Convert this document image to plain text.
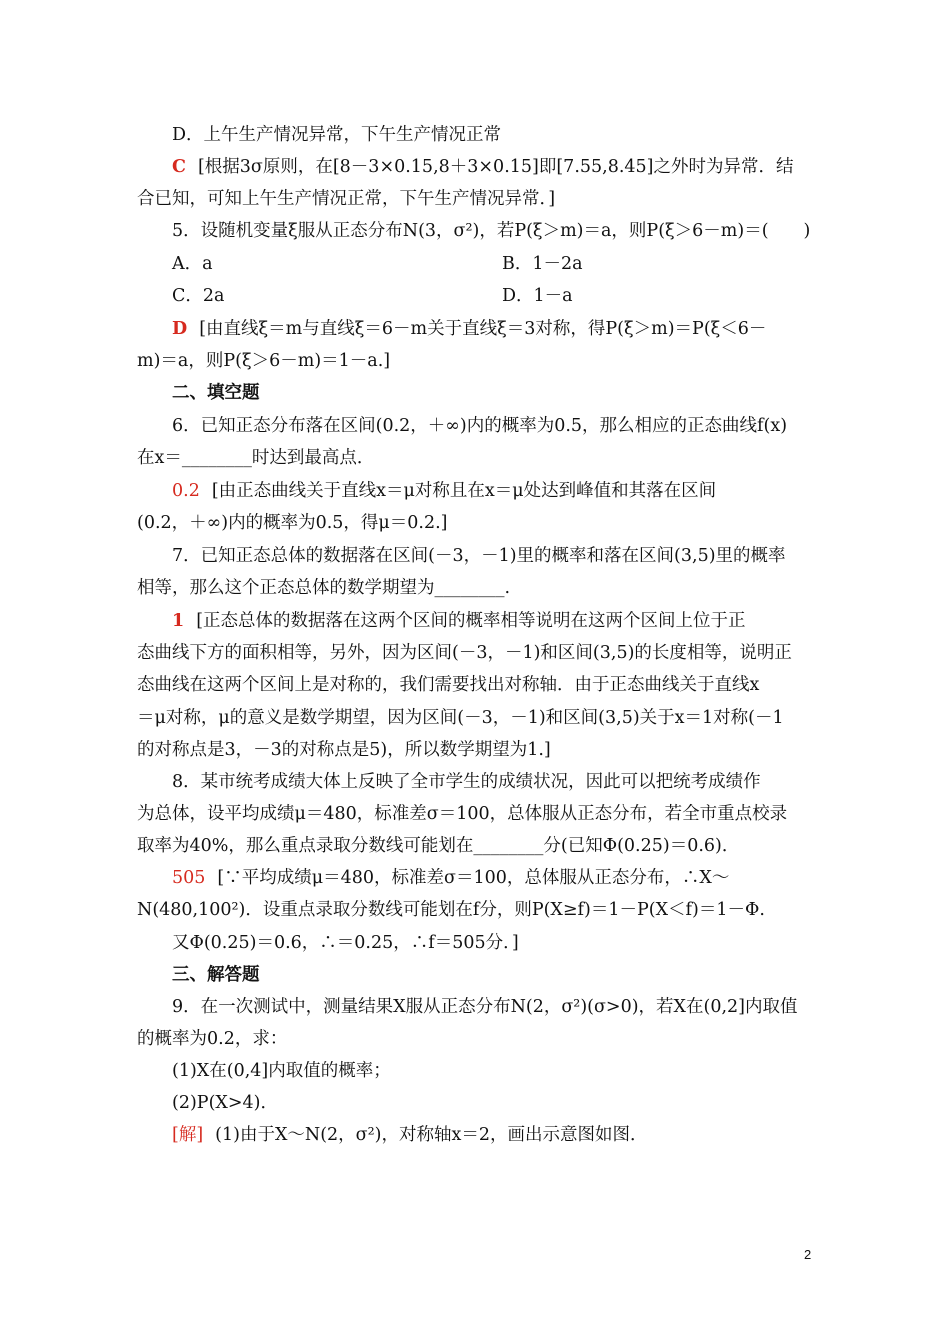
D．上午生产情况异常，下午生产情况正常
C [根据3σ原则，在[8－3×0.15,8＋3×0.15]即[7.55,8.45]之外时为异常．结
合已知，可知上午生产情况正常，下午生产情况异常．]
5．设随机变量ξ服从正态分布N(3，σ²)，若P(ξ＞m)＝a，则P(ξ＞6－m)＝(　　)
A．a	B．1－2a
C．2a	D．1－a
D [由直线ξ＝m与直线ξ＝6－m关于直线ξ＝3对称，得P(ξ＞m)＝P(ξ＜6－
m)＝a，则P(ξ＞6－m)＝1－a.]
二、填空题
6．已知正态分布落在区间(0.2，＋∞)内的概率为0.5，那么相应的正态曲线f(x)
在x＝________时达到最高点．
0.2 [由正态曲线关于直线x＝μ对称且在x＝μ处达到峰值和其落在区间
(0.2，＋∞)内的概率为0.5，得μ＝0.2.]
7．已知正态总体的数据落在区间(－3，－1)里的概率和落在区间(3,5)里的概率
相等，那么这个正态总体的数学期望为________.
1 [正态总体的数据落在这两个区间的概率相等说明在这两个区间上位于正
态曲线下方的面积相等，另外，因为区间(－3，－1)和区间(3,5)的长度相等，说明正
态曲线在这两个区间上是对称的，我们需要找出对称轴．由于正态曲线关于直线x
＝μ对称，μ的意义是数学期望，因为区间(－3，－1)和区间(3,5)关于x＝1对称(－1
的对称点是3，－3的对称点是5)，所以数学期望为1.]
8．某市统考成绩大体上反映了全市学生的成绩状况，因此可以把统考成绩作
为总体，设平均成绩μ＝480，标准差σ＝100，总体服从正态分布，若全市重点校录
取率为40%，那么重点录取分数线可能划在________分(已知Φ(0.25)＝0.6)．
505 [∵平均成绩μ＝480，标准差σ＝100，总体服从正态分布，∴X～
N(480,100²)．设重点录取分数线可能划在f分，则P(X≥f)＝1－P(X＜f)＝1－Φ.
又Φ(0.25)＝0.6，∴＝0.25，∴f＝505分．]
三、解答题
9．在一次测试中，测量结果X服从正态分布N(2，σ²)(σ>0)，若X在(0,2]内取值
的概率为0.2，求：
(1)X在(0,4]内取值的概率；
(2)P(X>4)．
[解] (1)由于X～N(2，σ²)，对称轴x＝2，画出示意图如图．
2
